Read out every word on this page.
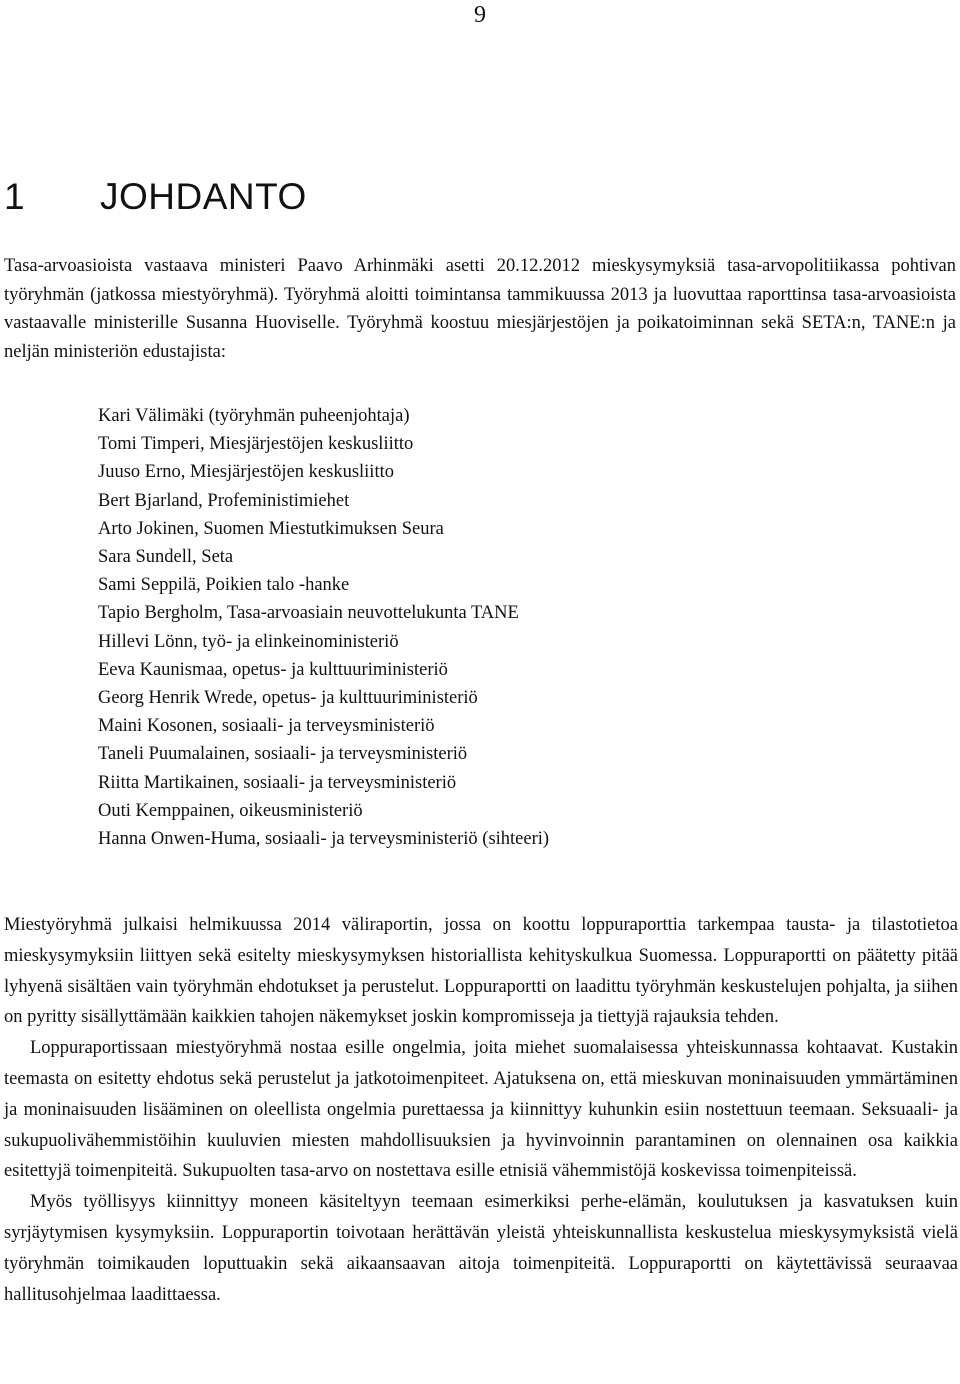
9
1 JOHDANTO

Tasa-arvoasioista vastaava ministeri Paavo Arhinmäki asetti 20.12.2012 mieskysymyksiä tasa-arvopolitiikassa pohtivan työryhmän (jatkossa miestyöryhmä). Työryhmä aloitti toimintansa tammikuussa 2013 ja luovuttaa raporttinsa tasa-arvoasioista vastaavalle ministerille Susanna Huoviselle. Työryhmä koostuu miesjärjestöjen ja poikatoiminnan sekä SETA:n, TANE:n ja neljän ministeriön edustajista:

Kari Välimäki (työryhmän puheenjohtaja)
Tomi Timperi, Miesjärjestöjen keskusliitto
Juuso Erno, Miesjärjestöjen keskusliitto
Bert Bjarland, Profeministimiehet
Arto Jokinen, Suomen Miestutkimuksen Seura
Sara Sundell, Seta
Sami Seppilä, Poikien talo -hanke
Tapio Bergholm, Tasa-arvoasiain neuvottelukunta TANE
Hillevi Lönn, työ- ja elinkeinoministeriö
Eeva Kaunismaa, opetus- ja kulttuuriministeriö
Georg Henrik Wrede, opetus- ja kulttuuriministeriö
Maini Kosonen, sosiaali- ja terveysministeriö
Taneli Puumalainen, sosiaali- ja terveysministeriö
Riitta Martikainen, sosiaali- ja terveysministeriö
Outi Kemppainen, oikeusministeriö
Hanna Onwen-Huma, sosiaali- ja terveysministeriö (sihteeri)

Miestyöryhmä julkaisi helmikuussa 2014 väliraportin, jossa on koottu loppuraporttia tarkempaa tausta- ja tilastotietoa mieskysymyksiin liittyen sekä esitelty mieskysymyksen historiallista kehityskulkua Suomessa. Loppuraportti on päätetty pitää lyhyenä sisältäen vain työryhmän ehdotukset ja perustelut. Loppuraportti on laadittu työryhmän keskustelujen pohjalta, ja siihen on pyritty sisällyttämään kaikkien tahojen näkemykset joskin kompromisseja ja tiettyjä rajauksia tehden.

Loppuraportissaan miestyöryhmä nostaa esille ongelmia, joita miehet suomalaisessa yhteiskunnassa kohtaavat. Kustakin teemasta on esitetty ehdotus sekä perustelut ja jatkotoimenpiteet. Ajatuksena on, että mieskuvan moninaisuuden ymmärtäminen ja moninaisuuden lisääminen on oleellista ongelmia purettaessa ja kiinnittyy kuhunkin esiin nostettuun teemaan. Seksuaali- ja sukupuolivähemmistöihin kuuluvien miesten mahdollisuuksien ja hyvinvoinnin parantaminen on olennainen osa kaikkia esitettyjä toimenpiteitä. Sukupuolten tasa-arvo on nostettava esille etnisiä vähemmistöjä koskevissa toimenpiteissä.

Myös työllisyys kiinnittyy moneen käsiteltyyn teemaan esimerkiksi perhe-elämän, koulutuksen ja kasvatuksen kuin syrjäytymisen kysymyksiin. Loppuraportin toivotaan herättävän yleistä yhteiskunnallista keskustelua mieskysymyksistä vielä työryhmän toimikauden loputtuakin sekä aikaansaavan aitoja toimenpiteitä. Loppuraportti on käytettävissä seuraavaa hallitusohjelmaa laadittaessa.
